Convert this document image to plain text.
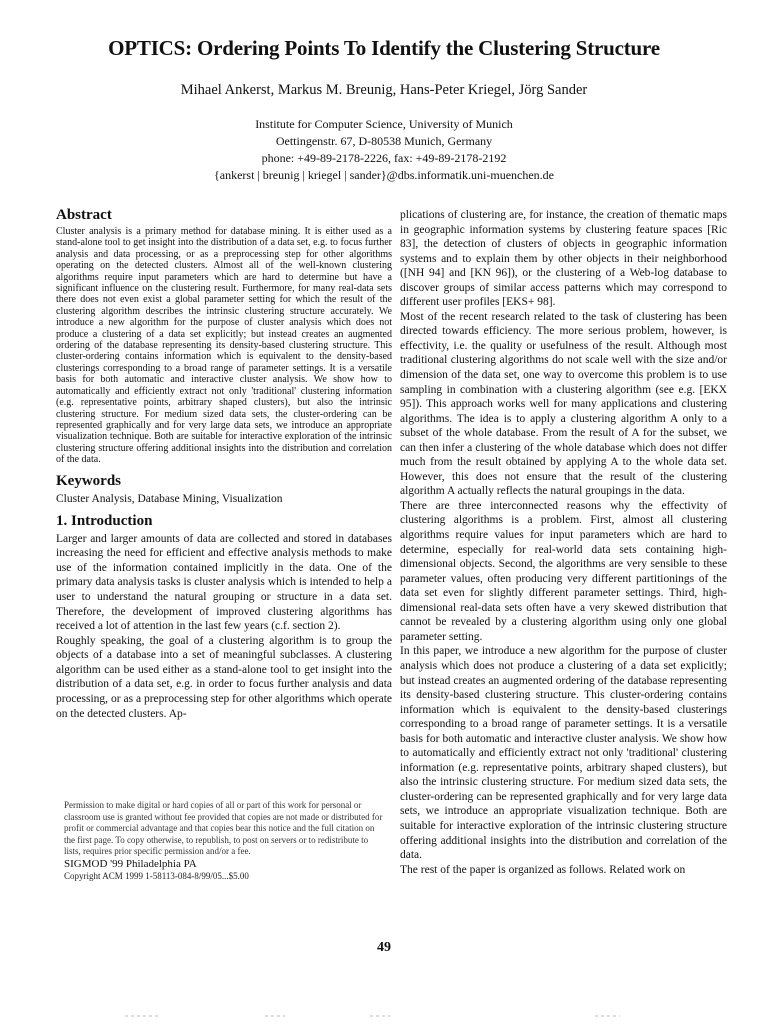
OPTICS: Ordering Points To Identify the Clustering Structure
Mihael Ankerst, Markus M. Breunig, Hans-Peter Kriegel, Jörg Sander
Institute for Computer Science, University of Munich
Oettingenstr. 67, D-80538 Munich, Germany
phone: +49-89-2178-2226, fax: +49-89-2178-2192
{ankerst | breunig | kriegel | sander}@dbs.informatik.uni-muenchen.de
Abstract

Cluster analysis is a primary method for database mining. It is either used as a stand-alone tool to get insight into the distribution of a data set, e.g. to focus further analysis and data processing, or as a preprocessing step for other algorithms operating on the detected clusters. Almost all of the well-known clustering algorithms require input parameters which are hard to determine but have a significant influence on the clustering result. Furthermore, for many real-data sets there does not even exist a global parameter setting for which the result of the clustering algorithm describes the intrinsic clustering structure accurately. We introduce a new algorithm for the purpose of cluster analysis which does not produce a clustering of a data set explicitly; but instead creates an augmented ordering of the database representing its density-based clustering structure. This cluster-ordering contains information which is equivalent to the density-based clusterings corresponding to a broad range of parameter settings. It is a versatile basis for both automatic and interactive cluster analysis. We show how to automatically and efficiently extract not only 'traditional' clustering information (e.g. representative points, arbitrary shaped clusters), but also the intrinsic clustering structure. For medium sized data sets, the cluster-ordering can be represented graphically and for very large data sets, we introduce an appropriate visualization technique. Both are suitable for interactive exploration of the intrinsic clustering structure offering additional insights into the distribution and correlation of the data.

Keywords

Cluster Analysis, Database Mining, Visualization

1. Introduction

Larger and larger amounts of data are collected and stored in databases increasing the need for efficient and effective analysis methods to make use of the information contained implicitly in the data. One of the primary data analysis tasks is cluster analysis which is intended to help a user to understand the natural grouping or structure in a data set. Therefore, the development of improved clustering algorithms has received a lot of attention in the last few years (c.f. section 2).

Roughly speaking, the goal of a clustering algorithm is to group the objects of a database into a set of meaningful subclasses. A clustering algorithm can be used either as a stand-alone tool to get insight into the distribution of a data set, e.g. in order to focus further analysis and data processing, or as a preprocessing step for other algorithms which operate on the detected clusters. Ap-

Permission to make digital or hard copies of all or part of this work for personal or classroom use is granted without fee provided that copies are not made or distributed for profit or commercial advantage and that copies bear this notice and the full citation on the first page. To copy otherwise, to republish, to post on servers or to redistribute to lists, requires prior specific permission and/or a fee.
SIGMOD '99 Philadelphia PA
Copyright ACM 1999 1-58113-084-8/99/05...$5.00

plications of clustering are, for instance, the creation of thematic maps in geographic information systems by clustering feature spaces [Ric 83], the detection of clusters of objects in geographic information systems and to explain them by other objects in their neighborhood ([NH 94] and [KN 96]), or the clustering of a Web-log database to discover groups of similar access patterns which may correspond to different user profiles [EKS+ 98].

Most of the recent research related to the task of clustering has been directed towards efficiency. The more serious problem, however, is effectivity, i.e. the quality or usefulness of the result. Although most traditional clustering algorithms do not scale well with the size and/or dimension of the data set, one way to overcome this problem is to use sampling in combination with a clustering algorithm (see e.g. [EKX 95]). This approach works well for many applications and clustering algorithms. The idea is to apply a clustering algorithm A only to a subset of the whole database. From the result of A for the subset, we can then infer a clustering of the whole database which does not differ much from the result obtained by applying A to the whole data set. However, this does not ensure that the result of the clustering algorithm A actually reflects the natural groupings in the data.

There are three interconnected reasons why the effectivity of clustering algorithms is a problem. First, almost all clustering algorithms require values for input parameters which are hard to determine, especially for real-world data sets containing high-dimensional objects. Second, the algorithms are very sensible to these parameter values, often producing very different partitionings of the data set even for slightly different parameter settings. Third, high-dimensional real-data sets often have a very skewed distribution that cannot be revealed by a clustering algorithm using only one global parameter setting.

In this paper, we introduce a new algorithm for the purpose of cluster analysis which does not produce a clustering of a data set explicitly; but instead creates an augmented ordering of the database representing its density-based clustering structure. This cluster-ordering contains information which is equivalent to the density-based clusterings corresponding to a broad range of parameter settings. It is a versatile basis for both automatic and interactive cluster analysis. We show how to automatically and efficiently extract not only 'traditional' clustering information (e.g. representative points, arbitrary shaped clusters), but also the intrinsic clustering structure. For medium sized data sets, the cluster-ordering can be represented graphically and for very large data sets, we introduce an appropriate visualization technique. Both are suitable for interactive exploration of the intrinsic clustering structure offering additional insights into the distribution and correlation of the data.

The rest of the paper is organized as follows. Related work on

49
